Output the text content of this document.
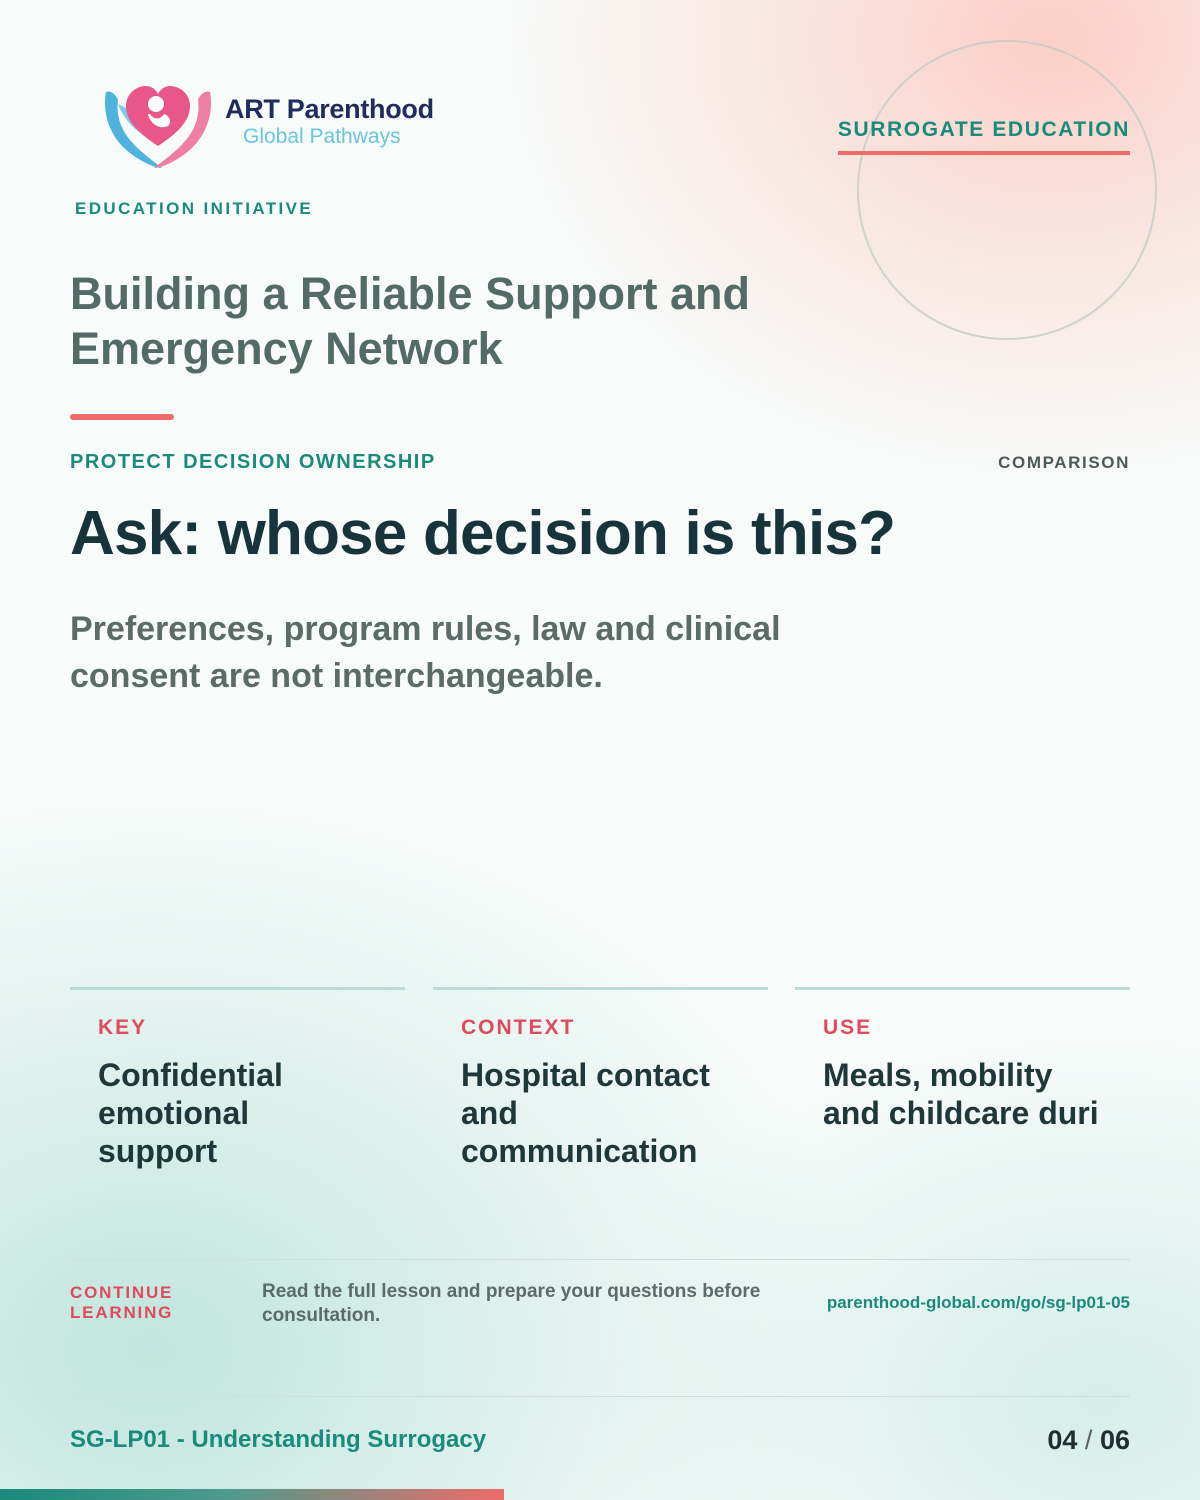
ART Parenthood
Global Pathways
EDUCATION INITIATIVE
SURROGATE EDUCATION
Building a Reliable Support and Emergency Network
PROTECT DECISION OWNERSHIP	COMPARISON
Ask: whose decision is this?
Preferences, program rules, law and clinical consent are not interchangeable.
KEY
Confidential emotional support
CONTEXT
Hospital contact and communication
USE
Meals, mobility and childcare duri
CONTINUE LEARNING
Read the full lesson and prepare your questions before consultation.
parenthood-global.com/go/sg-lp01-05
SG-LP01 - Understanding Surrogacy	04 / 06
